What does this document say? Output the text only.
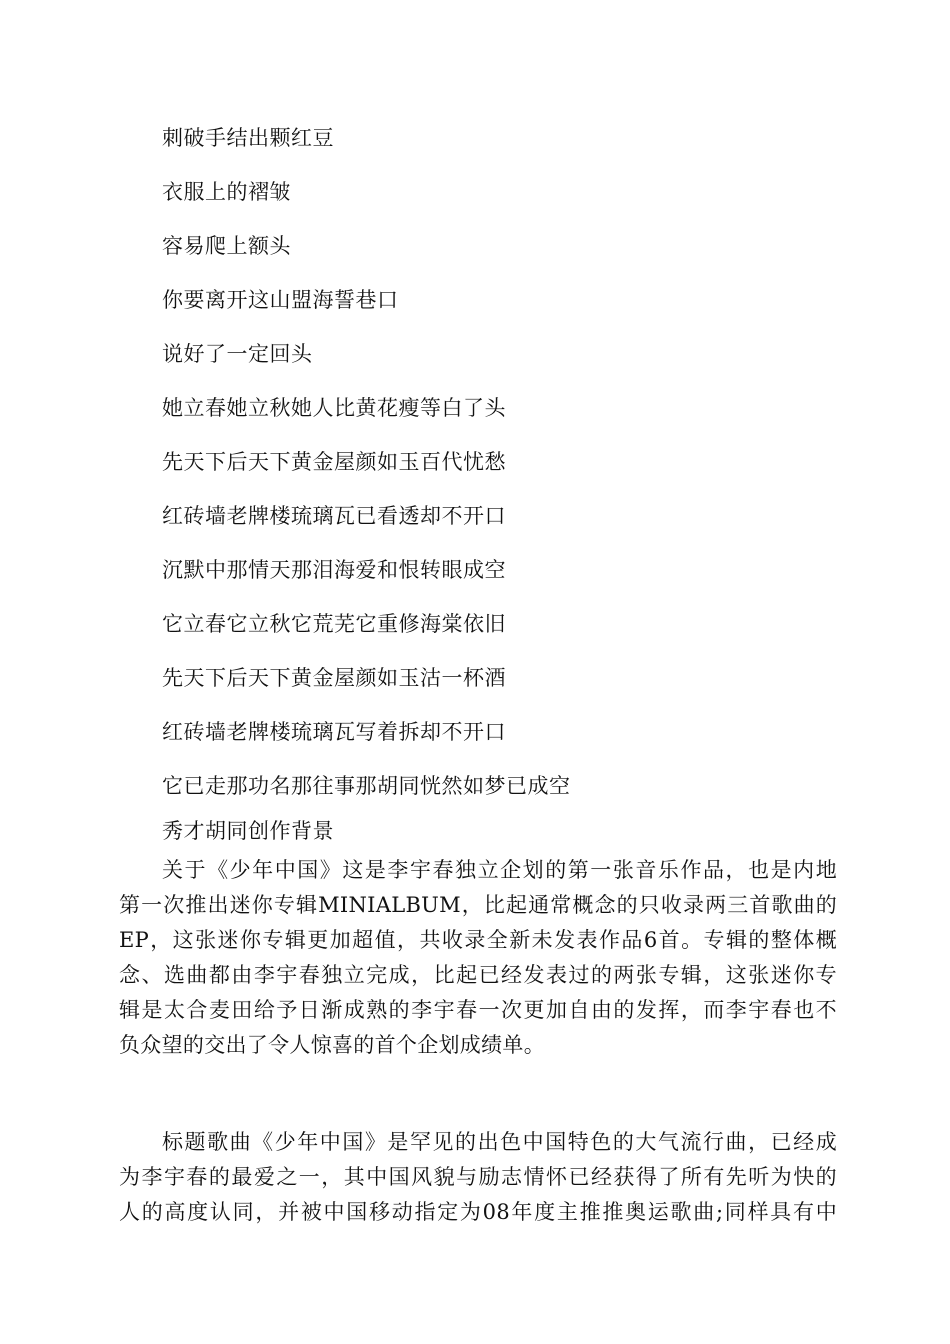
刺破手结出颗红豆
衣服上的褶皱
容易爬上额头
你要离开这山盟海誓巷口
说好了一定回头
她立春她立秋她人比黄花瘦等白了头
先天下后天下黄金屋颜如玉百代忧愁
红砖墙老牌楼琉璃瓦已看透却不开口
沉默中那情天那泪海爱和恨转眼成空
它立春它立秋它荒芜它重修海棠依旧
先天下后天下黄金屋颜如玉沽一杯酒
红砖墙老牌楼琉璃瓦写着拆却不开口
它已走那功名那往事那胡同恍然如梦已成空
秀才胡同创作背景
关于《少年中国》这是李宇春独立企划的第一张音乐作品，也是内地
第一次推出迷你专辑MINIALBUM，比起通常概念的只收录两三首歌曲的
EP，这张迷你专辑更加超值，共收录全新未发表作品6首。专辑的整体概
念、选曲都由李宇春独立完成，比起已经发表过的两张专辑，这张迷你专
辑是太合麦田给予日渐成熟的李宇春一次更加自由的发挥，而李宇春也不
负众望的交出了令人惊喜的首个企划成绩单。
标题歌曲《少年中国》是罕见的出色中国特色的大气流行曲，已经成
为李宇春的最爱之一，其中国风貌与励志情怀已经获得了所有先听为快的
人的高度认同，并被中国移动指定为08年度主推推奥运歌曲;同样具有中
